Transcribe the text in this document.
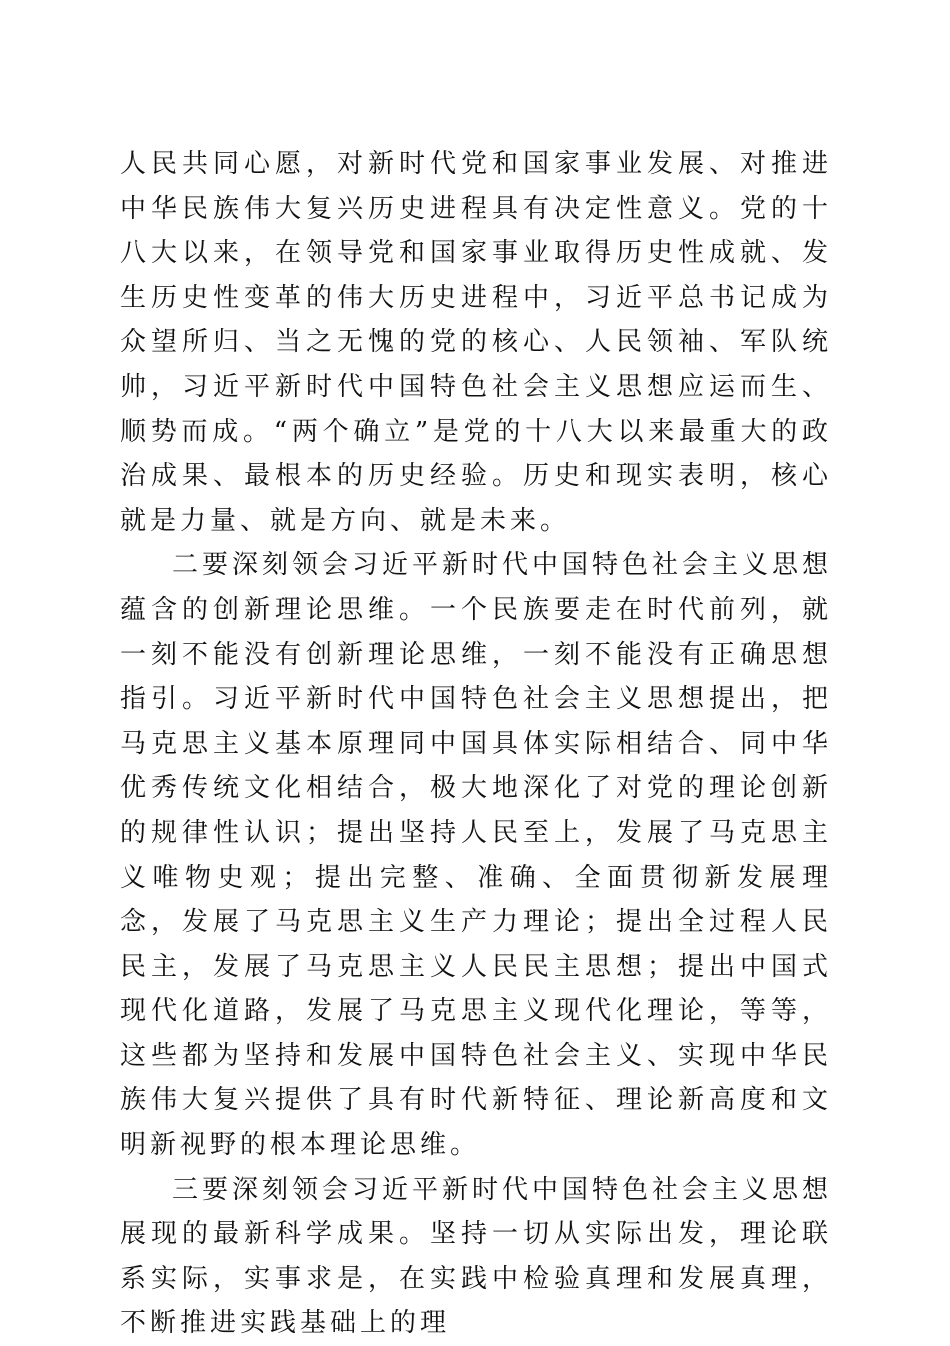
人民共同心愿，对新时代党和国家事业发展、对推进中华民族伟大复兴历史进程具有决定性意义。党的十八大以来，在领导党和国家事业取得历史性成就、发生历史性变革的伟大历史进程中，习近平总书记成为众望所归、当之无愧的党的核心、人民领袖、军队统帅，习近平新时代中国特色社会主义思想应运而生、顺势而成。“两个确立”是党的十八大以来最重大的政治成果、最根本的历史经验。历史和现实表明，核心就是力量、就是方向、就是未来。

二要深刻领会习近平新时代中国特色社会主义思想蕴含的创新理论思维。一个民族要走在时代前列，就一刻不能没有创新理论思维，一刻不能没有正确思想指引。习近平新时代中国特色社会主义思想提出，把马克思主义基本原理同中国具体实际相结合、同中华优秀传统文化相结合，极大地深化了对党的理论创新的规律性认识；提出坚持人民至上，发展了马克思主义唯物史观；提出完整、准确、全面贯彻新发展理念，发展了马克思主义生产力理论；提出全过程人民民主，发展了马克思主义人民民主思想；提出中国式现代化道路，发展了马克思主义现代化理论，等等，这些都为坚持和发展中国特色社会主义、实现中华民族伟大复兴提供了具有时代新特征、理论新高度和文明新视野的根本理论思维。

三要深刻领会习近平新时代中国特色社会主义思想展现的最新科学成果。坚持一切从实际出发，理论联系实际，实事求是，在实践中检验真理和发展真理，不断推进实践基础上的理
